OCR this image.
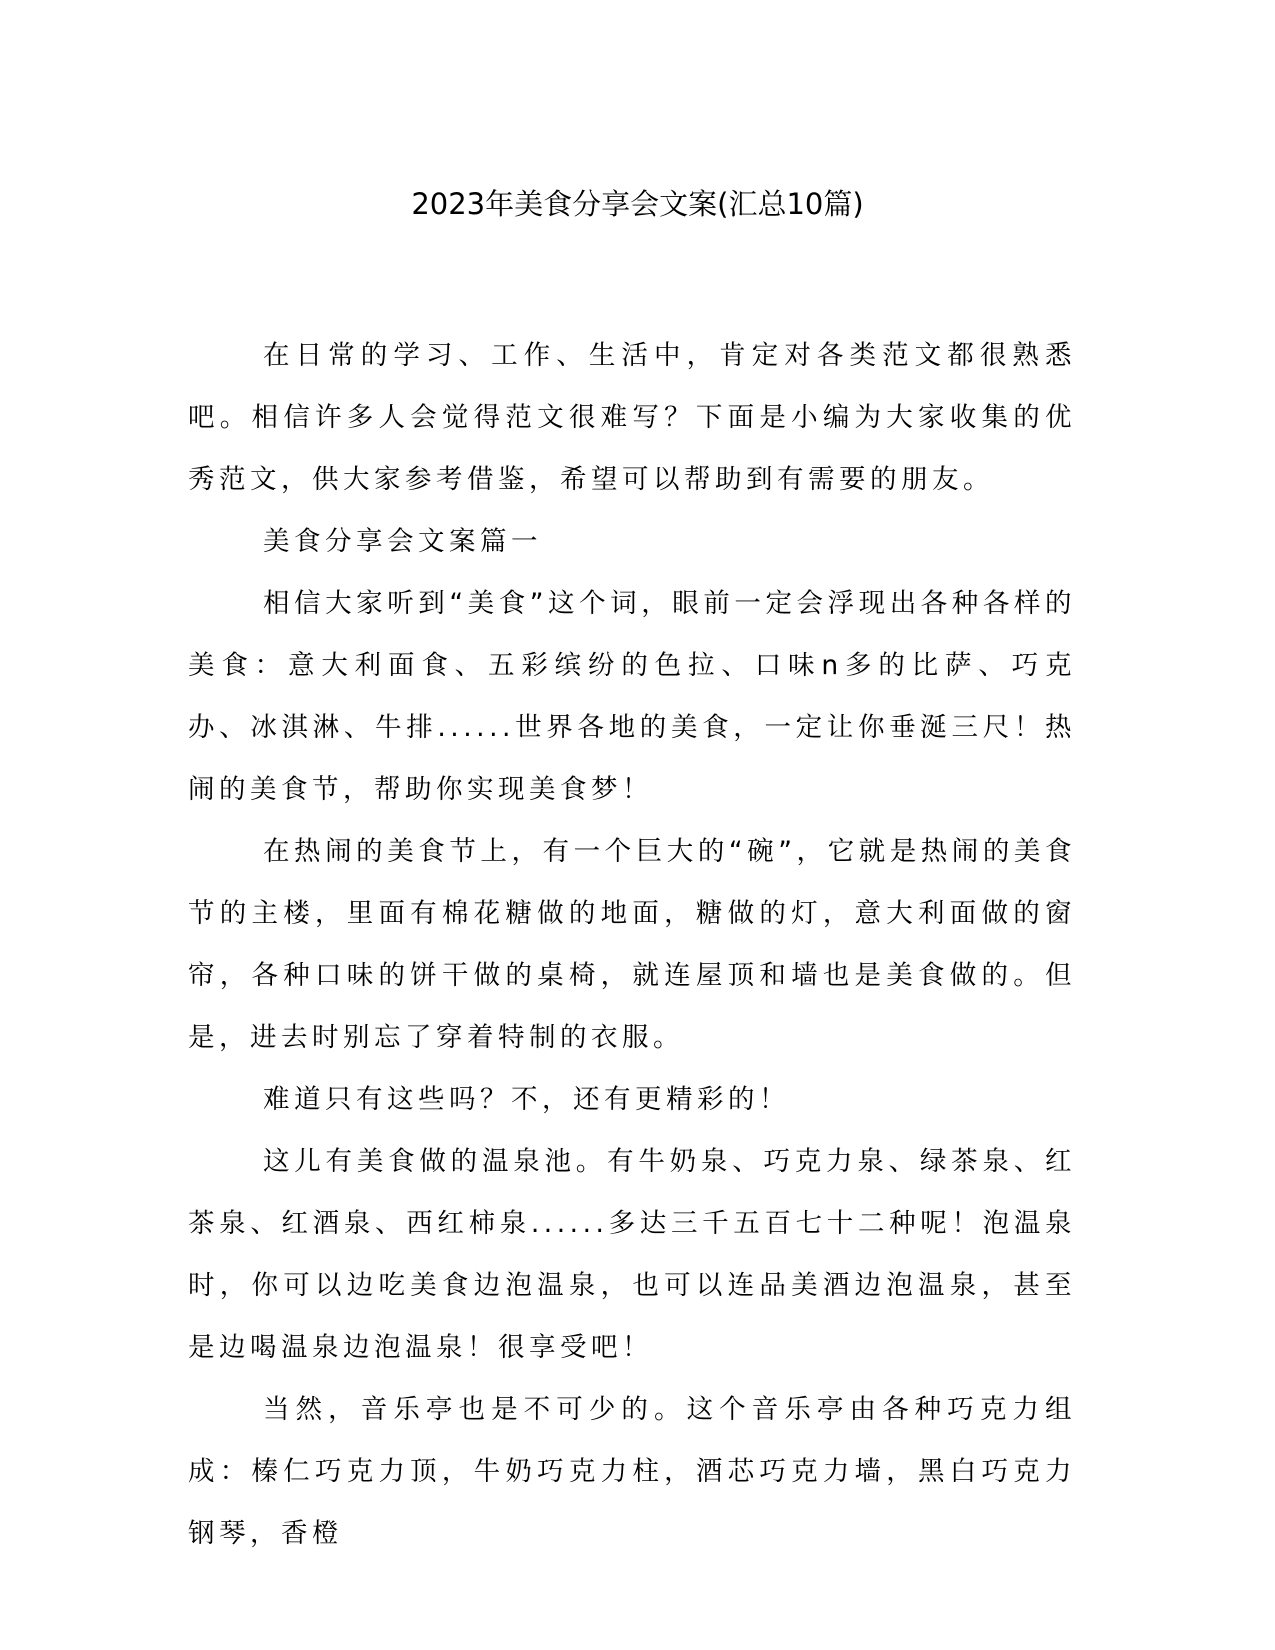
2023年美食分享会文案(汇总10篇)

在日常的学习、工作、生活中，肯定对各类范文都很熟悉吧。相信许多人会觉得范文很难写？下面是小编为大家收集的优秀范文，供大家参考借鉴，希望可以帮助到有需要的朋友。

美食分享会文案篇一

相信大家听到“美食”这个词，眼前一定会浮现出各种各样的美食：意大利面食、五彩缤纷的色拉、口味n多的比萨、巧克办、冰淇淋、牛排......世界各地的美食，一定让你垂涎三尺！热闹的美食节，帮助你实现美食梦！

在热闹的美食节上，有一个巨大的“碗”，它就是热闹的美食节的主楼，里面有棉花糖做的地面，糖做的灯，意大利面做的窗帘，各种口味的饼干做的桌椅，就连屋顶和墙也是美食做的。但是，进去时别忘了穿着特制的衣服。

难道只有这些吗？不，还有更精彩的！

这儿有美食做的温泉池。有牛奶泉、巧克力泉、绿茶泉、红茶泉、红酒泉、西红柿泉......多达三千五百七十二种呢！泡温泉时，你可以边吃美食边泡温泉，也可以连品美酒边泡温泉，甚至是边喝温泉边泡温泉！很享受吧！

当然，音乐亭也是不可少的。这个音乐亭由各种巧克力组成：榛仁巧克力顶，牛奶巧克力柱，酒芯巧克力墙，黑白巧克力钢琴，香橙
